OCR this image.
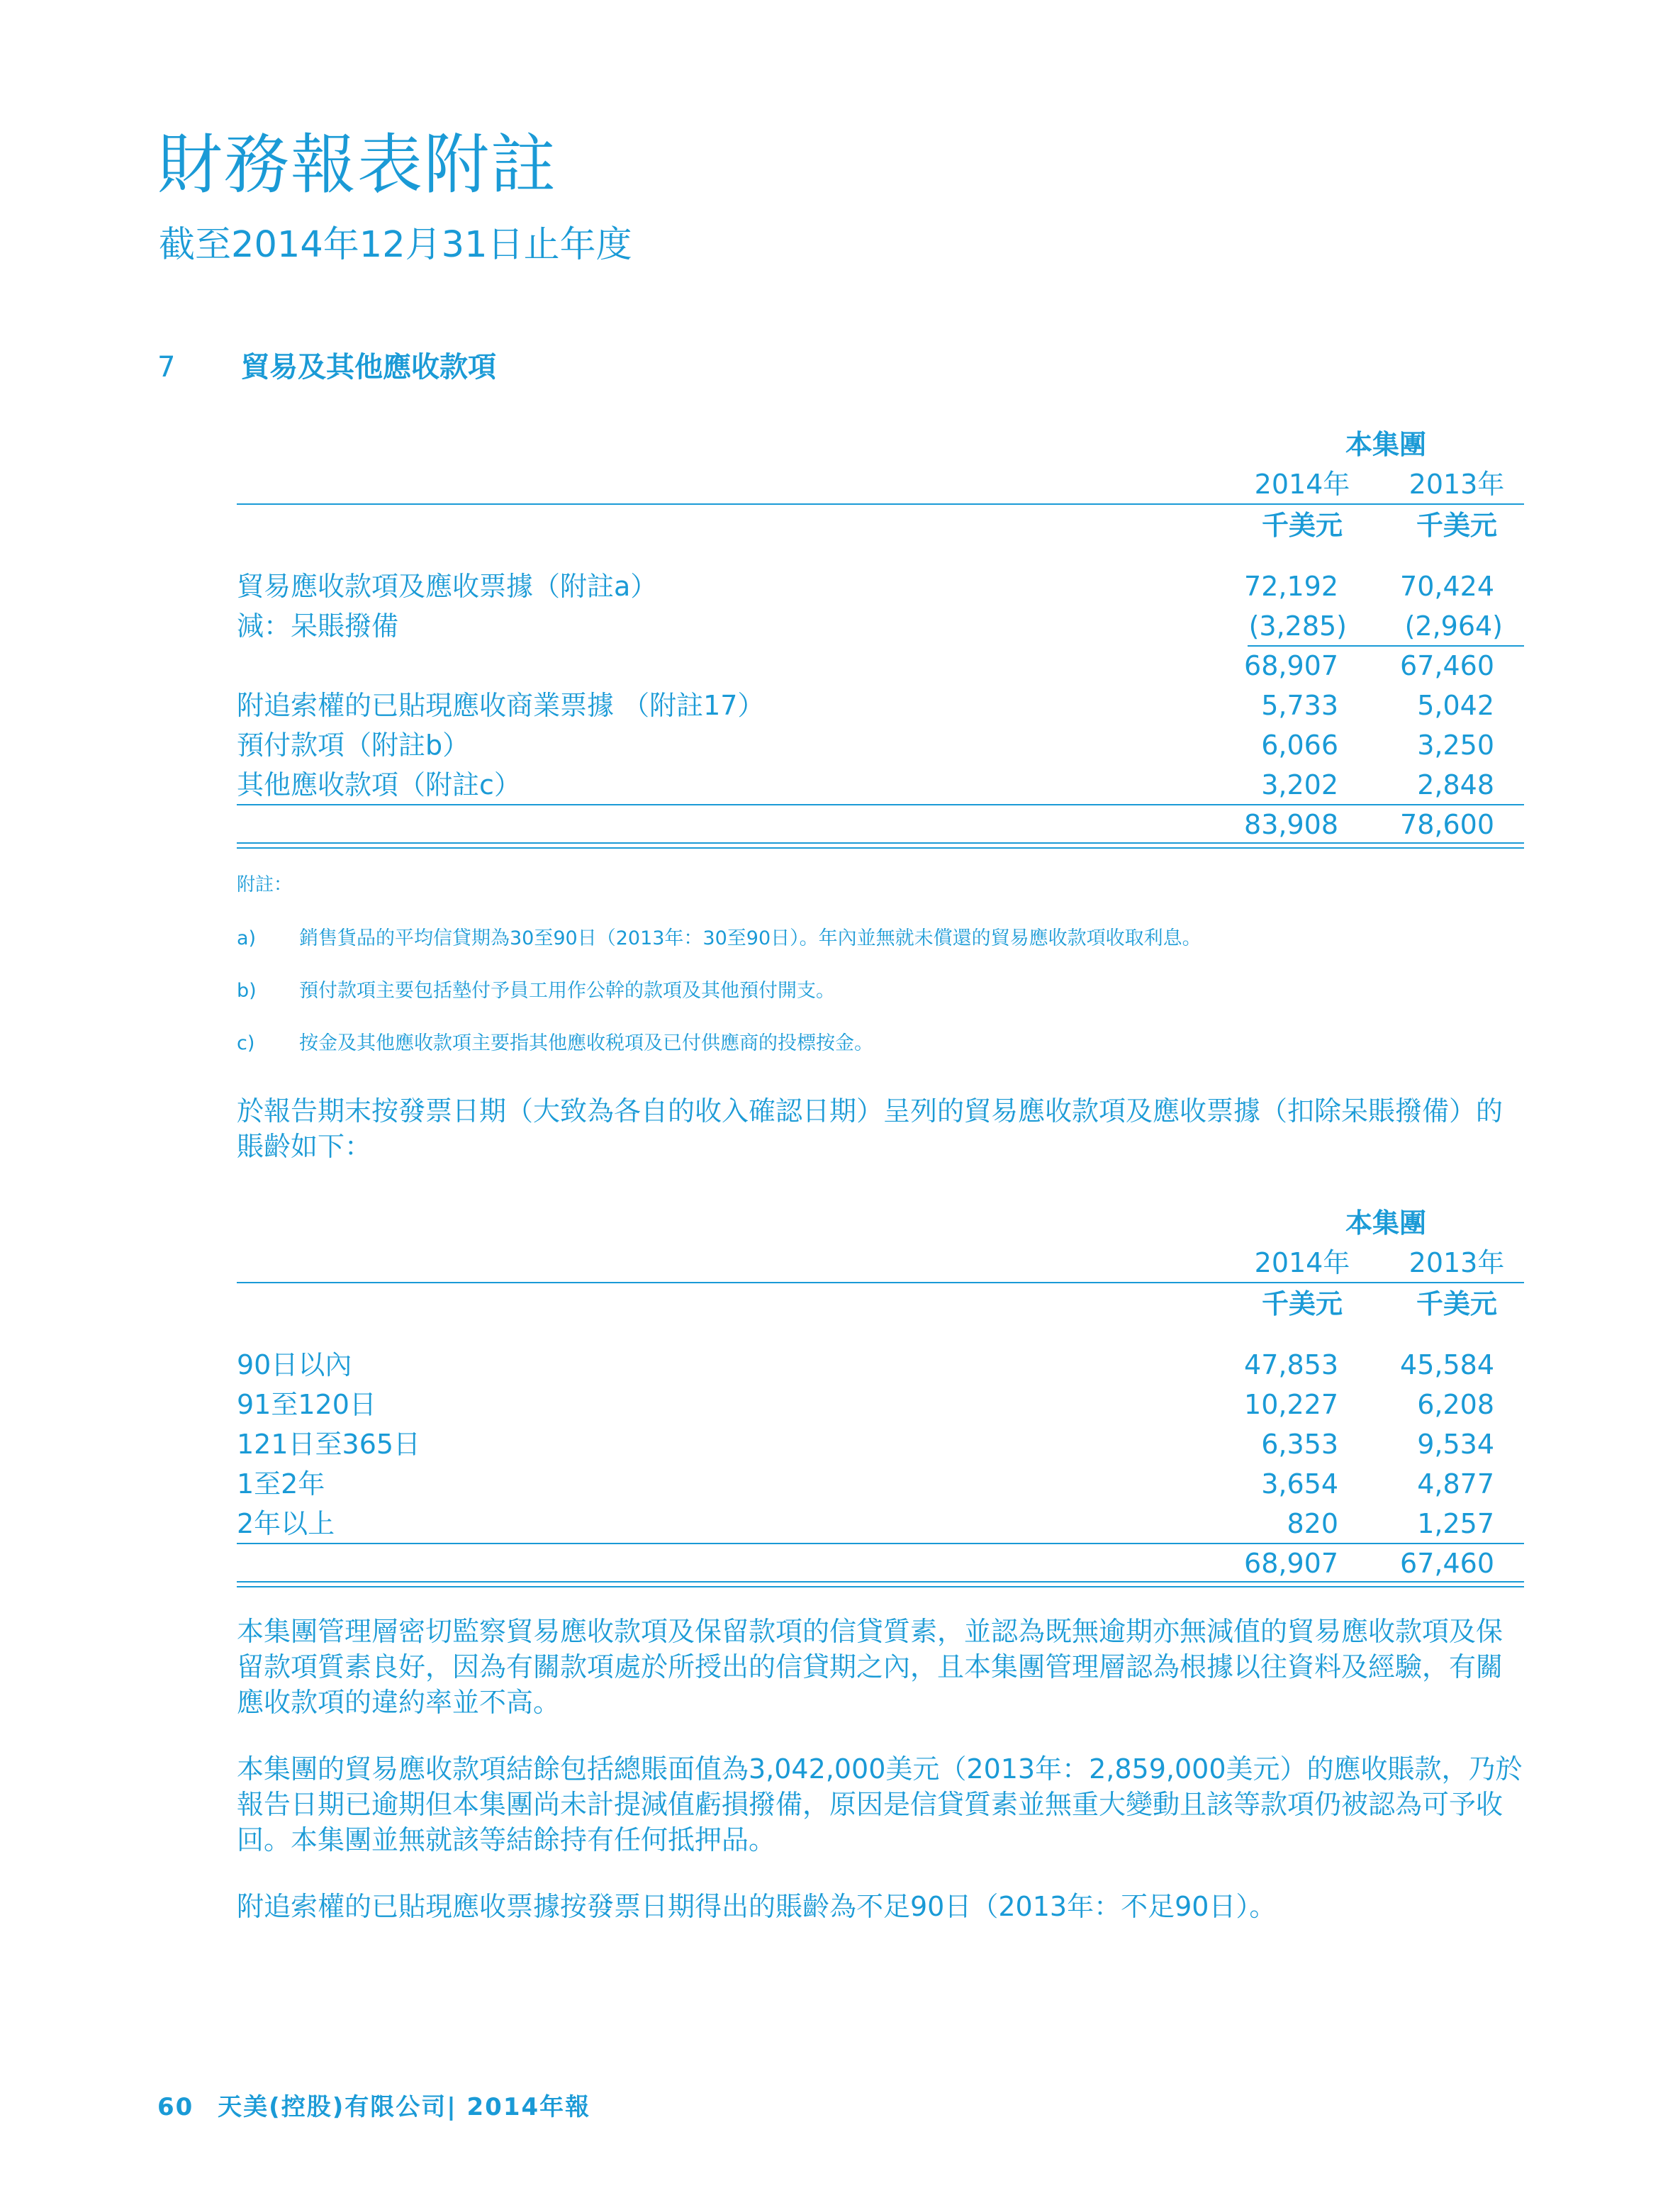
財務報表附註
截至2014年12月31日止年度
7 貿易及其他應收款項
本集團
2014年	2013年
千美元	千美元
貿易應收款項及應收票據（附註a）	72,192	70,424
減：呆賬撥備	(3,285)	(2,964)
68,907	67,460
附追索權的已貼現應收商業票據 （附註17）	5,733	5,042
預付款項（附註b）	6,066	3,250
其他應收款項（附註c）	3,202	2,848
83,908	78,600
附註：
a) 銷售貨品的平均信貸期為30至90日（2013年：30至90日）。年內並無就未償還的貿易應收款項收取利息。
b) 預付款項主要包括墊付予員工用作公幹的款項及其他預付開支。
c) 按金及其他應收款項主要指其他應收税項及已付供應商的投標按金。
於報告期末按發票日期（大致為各自的收入確認日期）呈列的貿易應收款項及應收票據（扣除呆賬撥備）的賬齡如下：
本集團
2014年	2013年
千美元	千美元
90日以內	47,853	45,584
91至120日	10,227	6,208
121日至365日	6,353	9,534
1至2年	3,654	4,877
2年以上	820	1,257
68,907	67,460
本集團管理層密切監察貿易應收款項及保留款項的信貸質素，並認為既無逾期亦無減值的貿易應收款項及保留款項質素良好，因為有關款項處於所授出的信貸期之內，且本集團管理層認為根據以往資料及經驗，有關應收款項的違約率並不高。
本集團的貿易應收款項結餘包括總賬面值為3,042,000美元（2013年：2,859,000美元）的應收賬款，乃於報告日期已逾期但本集團尚未計提減值虧損撥備，原因是信貸質素並無重大變動且該等款項仍被認為可予收回。本集團並無就該等結餘持有任何抵押品。
附追索權的已貼現應收票據按發票日期得出的賬齡為不足90日（2013年：不足90日）。
60 天美(控股)有限公司| 2014年報
